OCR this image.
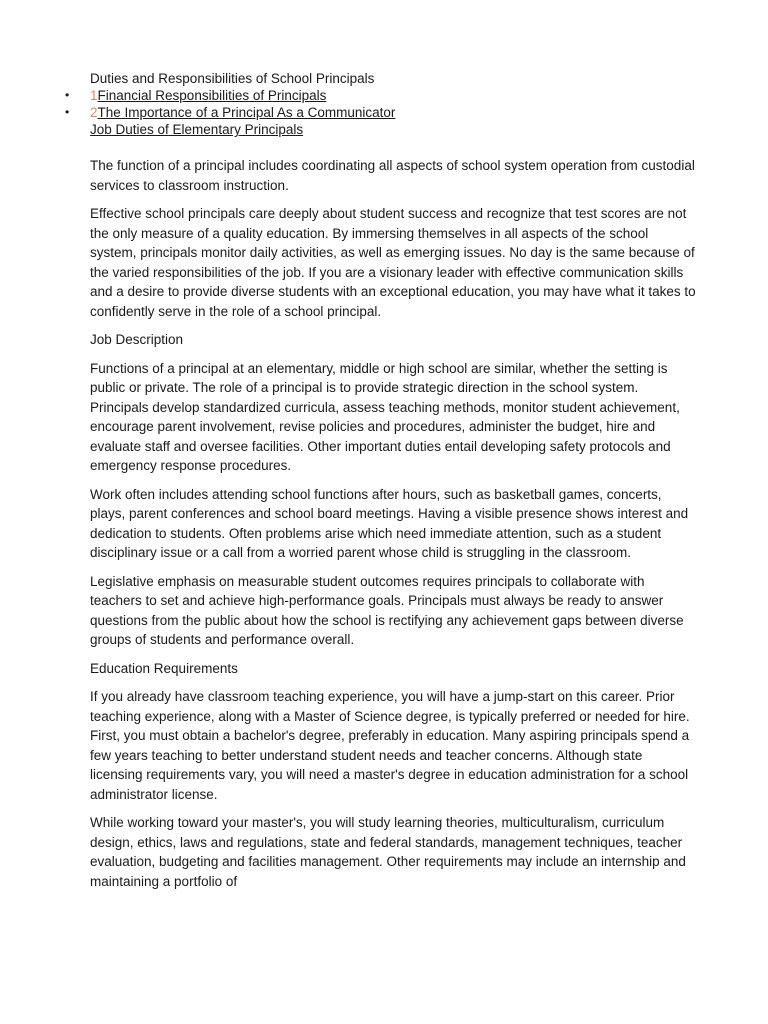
Duties and Responsibilities of School Principals
• 1Financial Responsibilities of Principals
• 2The Importance of a Principal As a Communicator
Job Duties of Elementary Principals

The function of a principal includes coordinating all aspects of school system operation from custodial services to classroom instruction.

Effective school principals care deeply about student success and recognize that test scores are not the only measure of a quality education. By immersing themselves in all aspects of the school system, principals monitor daily activities, as well as emerging issues. No day is the same because of the varied responsibilities of the job. If you are a visionary leader with effective communication skills and a desire to provide diverse students with an exceptional education, you may have what it takes to confidently serve in the role of a school principal.

Job Description

Functions of a principal at an elementary, middle or high school are similar, whether the setting is public or private. The role of a principal is to provide strategic direction in the school system. Principals develop standardized curricula, assess teaching methods, monitor student achievement, encourage parent involvement, revise policies and procedures, administer the budget, hire and evaluate staff and oversee facilities. Other important duties entail developing safety protocols and emergency response procedures.

Work often includes attending school functions after hours, such as basketball games, concerts, plays, parent conferences and school board meetings. Having a visible presence shows interest and dedication to students. Often problems arise which need immediate attention, such as a student disciplinary issue or a call from a worried parent whose child is struggling in the classroom.

Legislative emphasis on measurable student outcomes requires principals to collaborate with teachers to set and achieve high-performance goals. Principals must always be ready to answer questions from the public about how the school is rectifying any achievement gaps between diverse groups of students and performance overall.

Education Requirements

If you already have classroom teaching experience, you will have a jump-start on this career. Prior teaching experience, along with a Master of Science degree, is typically preferred or needed for hire. First, you must obtain a bachelor's degree, preferably in education. Many aspiring principals spend a few years teaching to better understand student needs and teacher concerns. Although state licensing requirements vary, you will need a master's degree in education administration for a school administrator license.

While working toward your master's, you will study learning theories, multiculturalism, curriculum design, ethics, laws and regulations, state and federal standards, management techniques, teacher evaluation, budgeting and facilities management. Other requirements may include an internship and maintaining a portfolio of
